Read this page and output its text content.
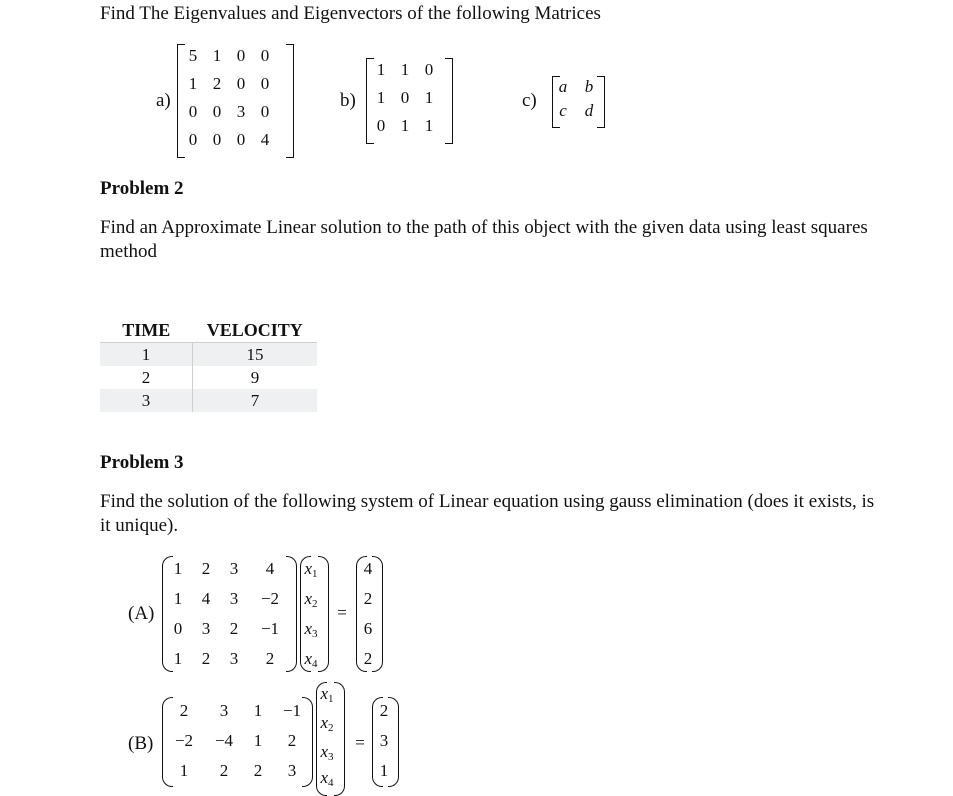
Find The Eigenvalues and Eigenvectors of the following Matrices
a)
5 1 0 0
1 2 0 0
0 0 3 0
0 0 0 4
b)
1 1 0
1 0 1
0 1 1
c)
a	b
c	d
Problem 2
Find an Approximate Linear solution to the path of this object with the given data using least squares method
TIME	VELOCITY
1	15
2	9
3	7
Problem 3
Find the solution of the following system of Linear equation using gauss elimination (does it exists, is it unique).
(A)
1	2	3	4
1	4	3	−2
0	3	2	−1
1	2	3	2
$x_1$
$x_2$
$x_3$
$x_4$
=
4
2
6
2
(B)
2	3	1	−1
−2 −4	1	2
1	2	2	3
$x_1$
$x_2$
$x_3$
$x_4$
=
2
3
1
